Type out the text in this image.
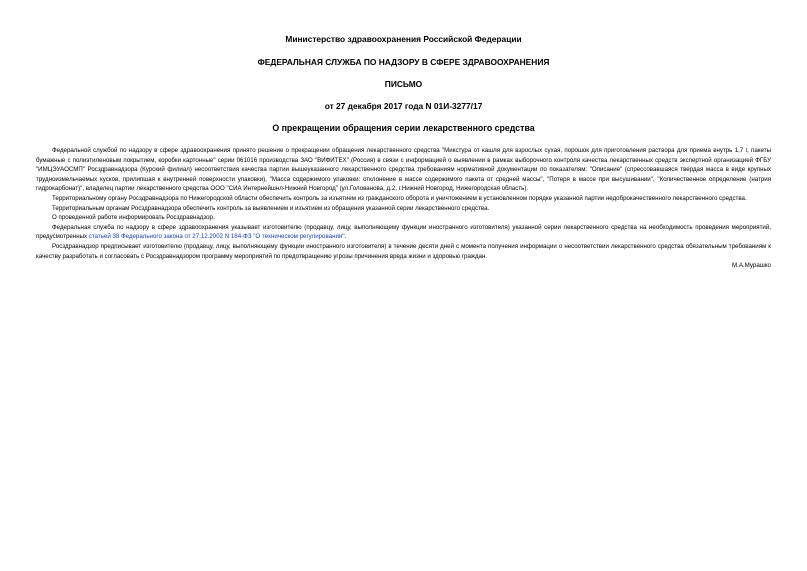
Министерство здравоохранения Российской Федерации
ФЕДЕРАЛЬНАЯ СЛУЖБА ПО НАДЗОРУ В СФЕРЕ ЗДРАВООХРАНЕНИЯ
ПИСЬМО
от 27 декабря 2017 года N 01И-3277/17
О прекращении обращения серии лекарственного средства

Федеральной службой по надзору в сфере здравоохранения принято решение о прекращении обращения лекарственного средства "Микстура от кашля для взрослых сухая, порошок для приготовления раствора для приема внутрь 1,7 г, пакеты бумажные с полиэтиленовым покрытием, коробки картонные" серии 061016 производства ЗАО "ВИФИТЕХ" (Россия) в связи с информацией о выявлении в рамках выборочного контроля качества лекарственных средств экспертной организацией ФГБУ "ИМЦЭУАОСМП" Росздравнадзора (Курский филиал) несоответствия качества партии вышеуказанного лекарственного средства требованиям нормативной документации по показателям: "Описание" (спрессовавшаяся твердая масса в виде крупных трудноизмельчаемых кусков, прилипшая к внутренней поверхности упаковки), "Масса содержимого упаковки: отклонение в массе содержимого пакета от средней массы", "Потеря в массе при высушивании", "Количественное определение (натрия гидрокарбонат)", владелец партии лекарственного средства ООО "СИА Интернейшнл-Нижний Новгород" (ул.Голованова, д.2, г.Нижний Новгород, Нижегородская область).

Территориальному органу Росздравнадзора по Нижегородской области обеспечить контроль за изъятием из гражданского оборота и уничтожением в установленном порядке указанной партии недоброкачественного лекарственного средства.

Территориальным органам Росздравнадзора обеспечить контроль за выявлением и изъятием из обращения указанной серии лекарственного средства.

О проведенной работе информировать Росздравнадзор.

Федеральная служба по надзору в сфере здравоохранения указывает изготовителю (продавцу, лицу, выполняющему функции иностранного изготовителя) указанной серии лекарственного средства на необходимость проведения мероприятий, предусмотренных статьей 38 Федерального закона от 27.12.2002 N 184-ФЗ "О техническом регулировании".

Росздравнадзор предписывает изготовителю (продавцу, лицу, выполняющему функции иностранного изготовителя) в течение десяти дней с момента получения информации о несоответствии лекарственного средства обязательным требованиям к качеству разработать и согласовать с Росздравнадзором программу мероприятий по предотвращению угрозы причинения вреда жизни и здоровью граждан.

М.А.Мурашко
